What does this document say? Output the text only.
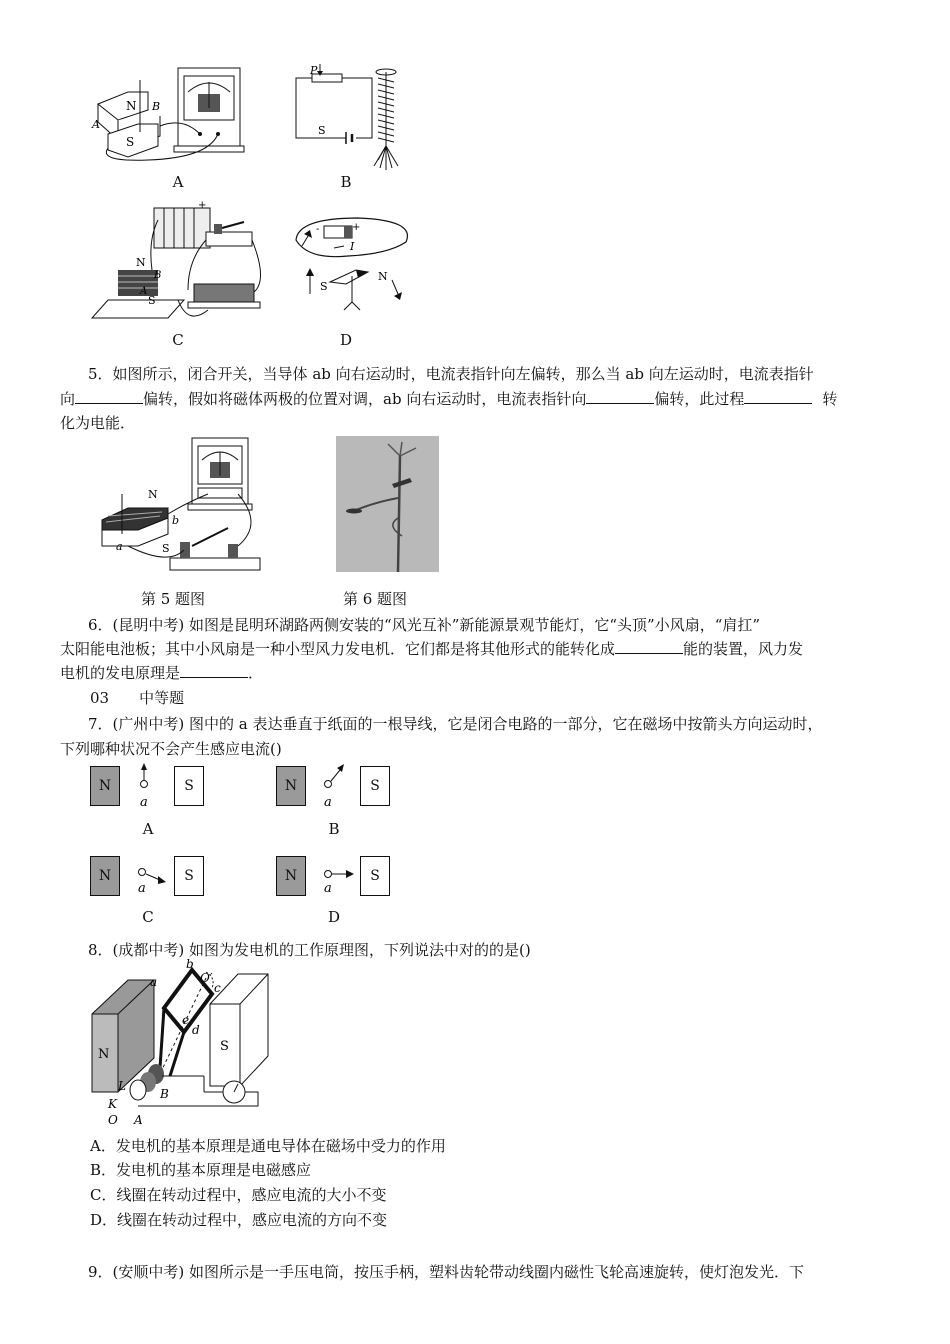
N
S
B
A
A
P
S
B
+
N
S
B
A
C
-	+
I
S
N
D
5．如图所示，闭合开关，当导体 ab 向右运动时，电流表指针向左偏转，那么当 ab 向左运动时，电流表指针
向	偏转，假如将磁体两极的位置对调，ab 向右运动时，电流表指针向	偏转，此过程	转
化为电能．
N
S
b
a
第 5 题图	第 6 题图
6．(昆明中考) 如图是昆明环湖路两侧安装的“风光互补”新能源景观节能灯，它“头顶”小风扇，“肩扛”
太阳能电池板；其中小风扇是一种小型风力发电机．它们都是将其他形式的能转化成	能的装置，风力发
电机的发电原理是	．
03 中等题
7．(广州中考) 图中的 a 表达垂直于纸面的一根导线，它是闭合电路的一部分，它在磁场中按箭头方向运动时，
下列哪种状况不会产生感应电流()
N	S
a
A
N	S
a
B
N	S
a
C
N	S
a
D
8．(成都中考) 如图为发电机的工作原理图，下列说法中对的的是()
N
S
a
b
c
d
e
O′
L
B
K
O A
A．发电机的基本原理是通电导体在磁场中受力的作用
B．发电机的基本原理是电磁感应
C．线圈在转动过程中，感应电流的大小不变
D．线圈在转动过程中，感应电流的方向不变
9．(安顺中考) 如图所示是一手压电筒，按压手柄，塑料齿轮带动线圈内磁性飞轮高速旋转，使灯泡发光．下
